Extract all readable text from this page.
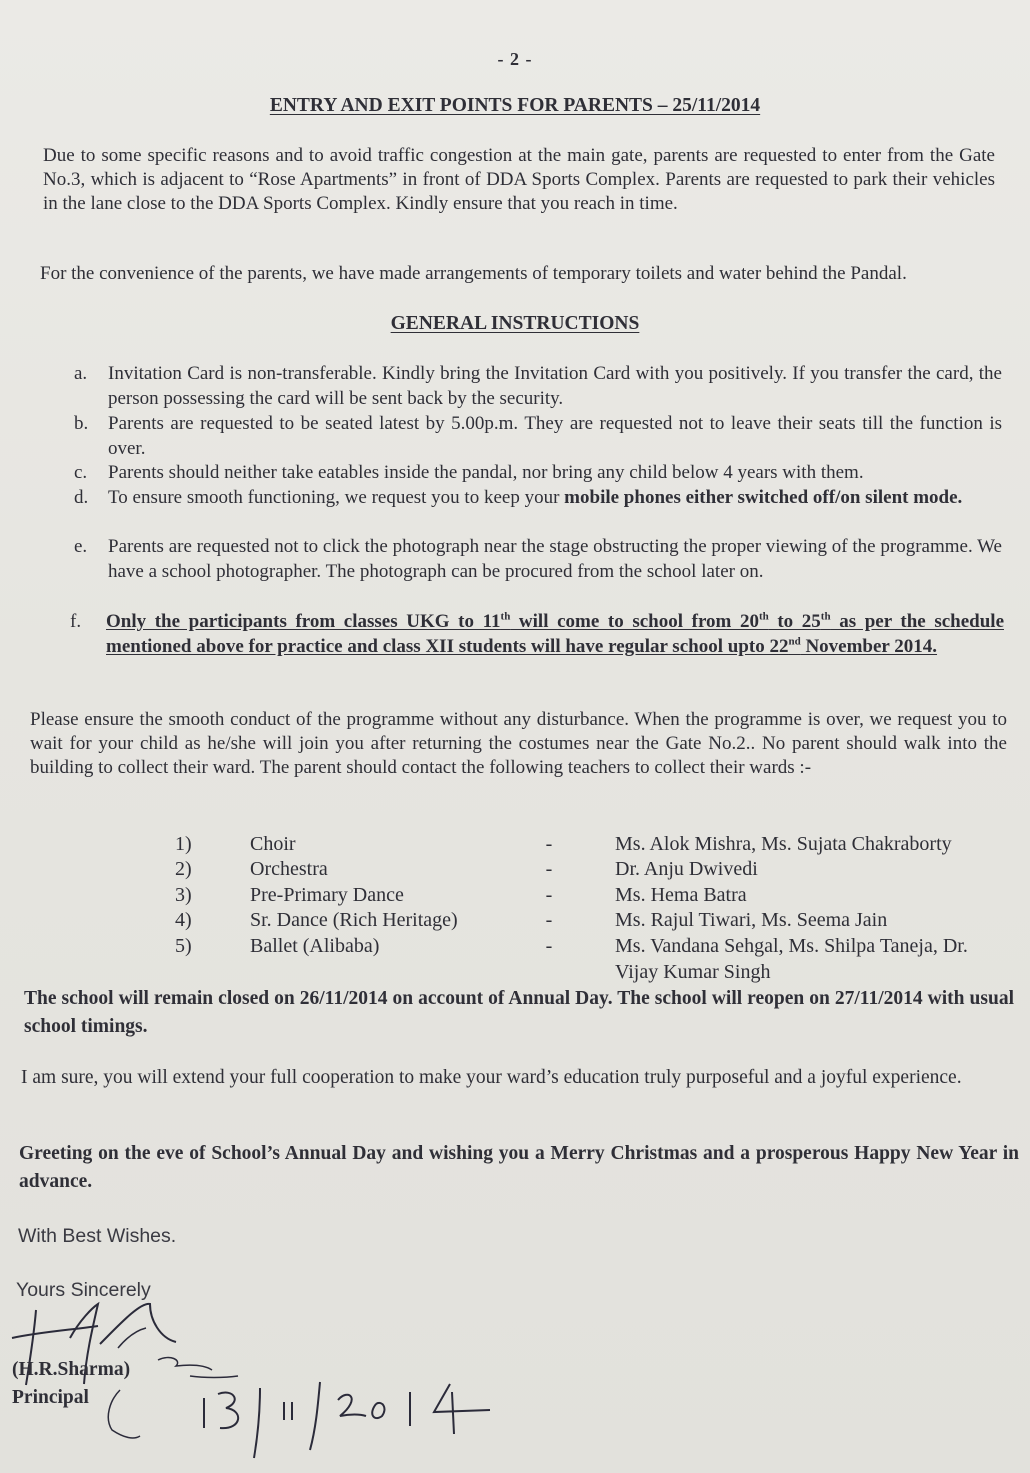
- 2 -
ENTRY AND EXIT POINTS FOR PARENTS – 25/11/2014
Due to some specific reasons and to avoid traffic congestion at the main gate, parents are requested to enter from the Gate No.3, which is adjacent to “Rose Apartments” in front of DDA Sports Complex. Parents are requested to park their vehicles in the lane close to the DDA Sports Complex. Kindly ensure that you reach in time.
For the convenience of the parents, we have made arrangements of temporary toilets and water behind the Pandal.
GENERAL INSTRUCTIONS
a. Invitation Card is non-transferable. Kindly bring the Invitation Card with you positively. If you transfer the card, the person possessing the card will be sent back by the security.
b. Parents are requested to be seated latest by 5.00p.m. They are requested not to leave their seats till the function is over.
c. Parents should neither take eatables inside the pandal, nor bring any child below 4 years with them.
d. To ensure smooth functioning, we request you to keep your mobile phones either switched off/on silent mode.
e. Parents are requested not to click the photograph near the stage obstructing the proper viewing of the programme. We have a school photographer. The photograph can be procured from the school later on.
f. Only the participants from classes UKG to 11th will come to school from 20th to 25th as per the schedule mentioned above for practice and class XII students will have regular school upto 22nd November 2014.
Please ensure the smooth conduct of the programme without any disturbance. When the programme is over, we request you to wait for your child as he/she will join you after returning the costumes near the Gate No.2.. No parent should walk into the building to collect their ward. The parent should contact the following teachers to collect their wards :-
1)	Choir	-	Ms. Alok Mishra, Ms. Sujata Chakraborty
2)	Orchestra	-	Dr. Anju Dwivedi
3)	Pre-Primary Dance	-	Ms. Hema Batra
4)	Sr. Dance (Rich Heritage)	-	Ms. Rajul Tiwari, Ms. Seema Jain
5)	Ballet (Alibaba)	-	Ms. Vandana Sehgal, Ms. Shilpa Taneja, Dr. Vijay Kumar Singh
The school will remain closed on 26/11/2014 on account of Annual Day. The school will reopen on 27/11/2014 with usual school timings.
I am sure, you will extend your full cooperation to make your ward’s education truly purposeful and a joyful experience.
Greeting on the eve of School’s Annual Day and wishing you a Merry Christmas and a prosperous Happy New Year in advance.
With Best Wishes.
Yours Sincerely
(H.R.Sharma)
Principal
